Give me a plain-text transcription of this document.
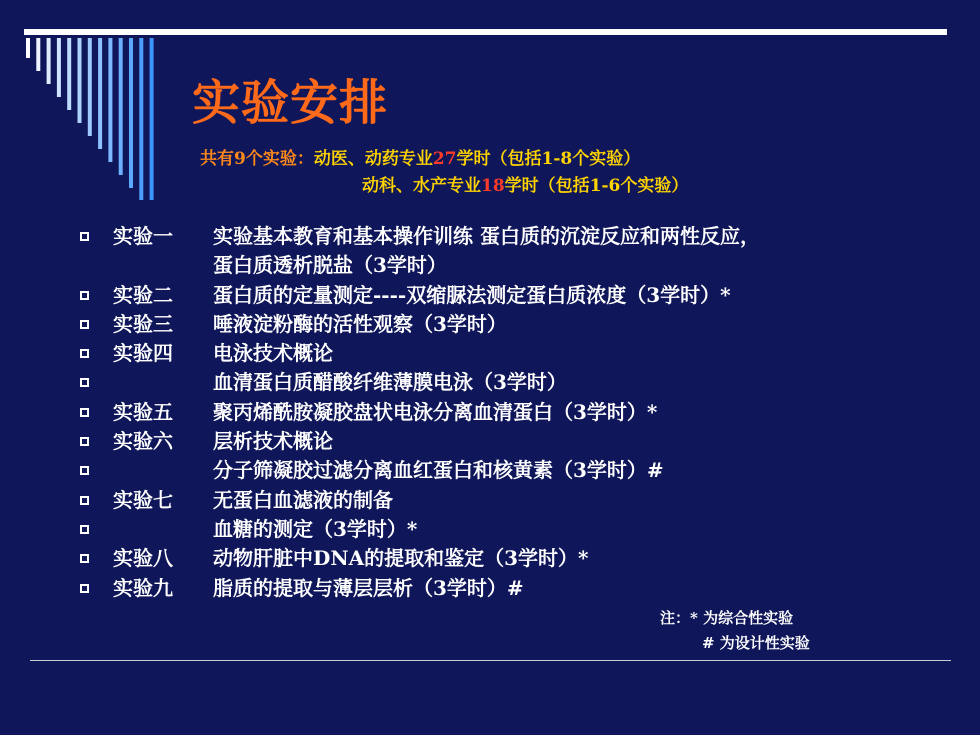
实验安排
共有9个实验：动医、动药专业27学时（包括1-8个实验）
动科、水产专业18学时（包括1-6个实验）
实验一 实验基本教育和基本操作训练 蛋白质的沉淀反应和两性反应，
蛋白质透析脱盐（3学时）
实验二 蛋白质的定量测定----双缩脲法测定蛋白质浓度（3学时）*
实验三 唾液淀粉酶的活性观察（3学时）
实验四 电泳技术概论
血清蛋白质醋酸纤维薄膜电泳（3学时）
实验五 聚丙烯酰胺凝胶盘状电泳分离血清蛋白（3学时）*
实验六 层析技术概论
分子筛凝胶过滤分离血红蛋白和核黄素（3学时）#
实验七 无蛋白血滤液的制备
血糖的测定（3学时）*
实验八 动物肝脏中DNA的提取和鉴定（3学时）*
实验九 脂质的提取与薄层层析（3学时）#
注：* 为综合性实验
# 为设计性实验
